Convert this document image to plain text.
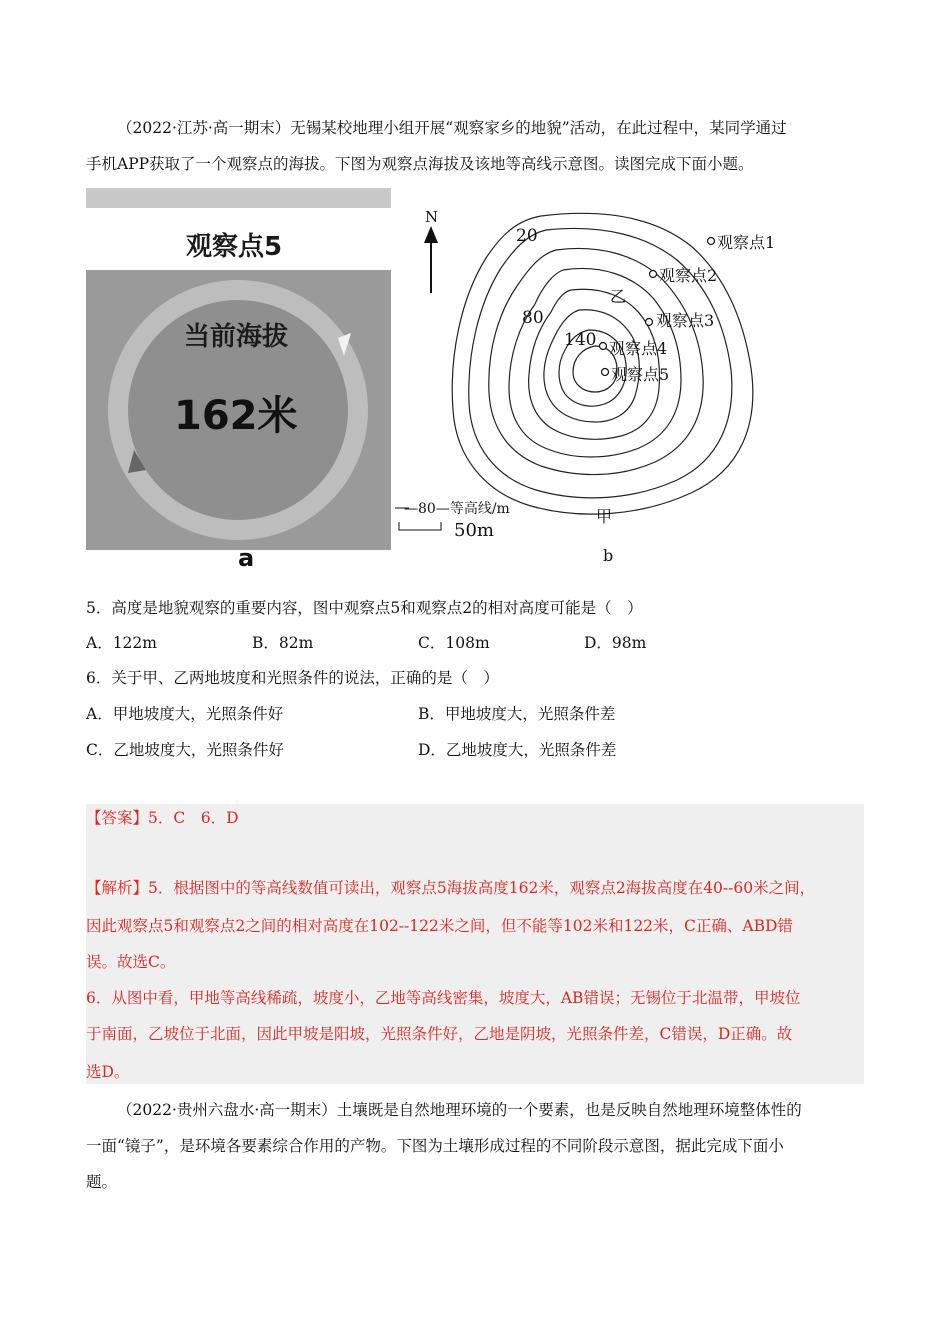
（2022·江苏·高一期末）无锡某校地理小组开展“观察家乡的地貌”活动，在此过程中，某同学通过

手机APP获取了一个观察点的海拔。下图为观察点海拔及该地等高线示意图。读图完成下面小题。

观察点5
当前海拔
162米
a
N
20
80
140
观察点1
观察点2
观察点3
观察点4
观察点5
乙
甲
—80—等高线/m
50m
b
5．高度是地貌观察的重要内容，图中观察点5和观察点2的相对高度可能是（　）
A．122m	B．82m	C．108m	D．98m
6．关于甲、乙两地坡度和光照条件的说法，正确的是（　）
A．甲地坡度大，光照条件好	B．甲地坡度大，光照条件差
C．乙地坡度大，光照条件好	D．乙地坡度大，光照条件差
【答案】5．C　6．D
【解析】5．根据图中的等高线数值可读出，观察点5海拔高度162米，观察点2海拔高度在40--60米之间，
因此观察点5和观察点2之间的相对高度在102--122米之间，但不能等102米和122米，C正确、ABD错
误。故选C。
6．从图中看，甲地等高线稀疏，坡度小，乙地等高线密集，坡度大，AB错误；无锡位于北温带，甲坡位
于南面，乙坡位于北面，因此甲坡是阳坡，光照条件好，乙地是阴坡，光照条件差，C错误，D正确。故
选D。

（2022·贵州六盘水·高一期末）土壤既是自然地理环境的一个要素，也是反映自然地理环境整体性的

一面“镜子”，是环境各要素综合作用的产物。下图为土壤形成过程的不同阶段示意图，据此完成下面小

题。
